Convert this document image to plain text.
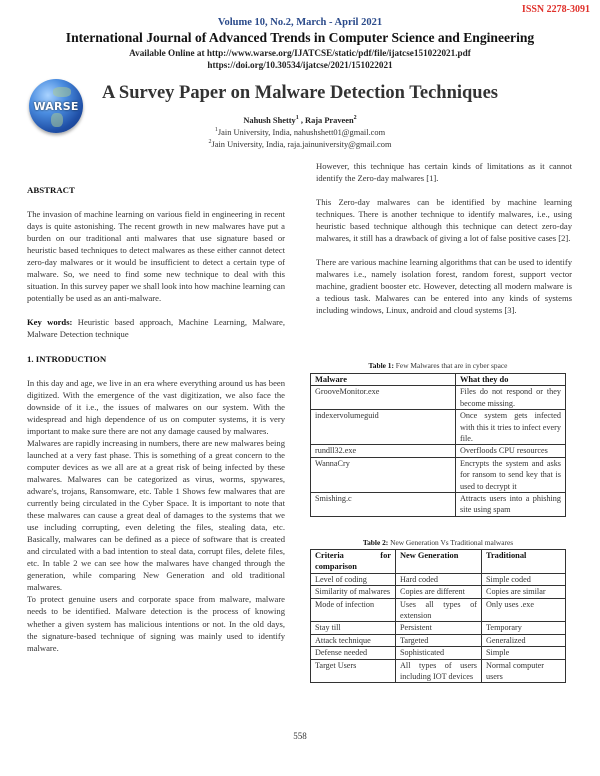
ISSN 2278-3091
Volume 10, No.2, March - April 2021
International Journal of Advanced Trends in Computer Science and Engineering
Available Online at http://www.warse.org/IJATCSE/static/pdf/file/ijatcse151022021.pdf
https://doi.org/10.30534/ijatcse/2021/151022021
WARSE
A Survey Paper on Malware Detection Techniques
Nahush Shetty$^1$ , Raja Praveen$^2$
$^1$Jain University, India, nahushshett01@gmail.com
$^2$Jain University, India, raja.jainuniversity@gmail.com

ABSTRACT

The invasion of machine learning on various field in engineering in recent days is quite astonishing. The recent growth in new malwares have put a burden on our traditional anti malwares that use signature based or heuristic based techniques to detect malwares as these either cannot detect zero-day malwares or it would be insufficient to detect a certain type of malware. So, we need to find some new technique to deal with this situation. In this survey paper we shall look into how machine learning can potentially be used as an anti-malware.

Key words: Heuristic based approach, Machine Learning, Malware, Malware Detection technique

1. INTRODUCTION

In this day and age, we live in an era where everything around us has been digitized. With the emergence of the vast digitization, we also face the downside of it i.e., the issues of malwares on our system. With the widespread and high dependence of us on computer systems, it is very important to make sure there are not any damage caused by malwares.

Malwares are rapidly increasing in numbers, there are new malwares being launched at a very fast phase. This is something of a great concern to the computer devices as we all are at a great risk of being infected by these malwares. Malwares can be categorized as virus, worms, spywares, adware's, trojans, Ransomware, etc. Table 1 Shows few malwares that are currently being circulated in the Cyber Space. It is important to note that these malwares can cause a great deal of damages to the systems that we use including corrupting, even deleting the files, stealing data, etc. Basically, malwares can be defined as a piece of software that is created and circulated with a bad intention to steal data, corrupt files, delete files, etc. In table 2 we can see how the malwares have changed through the generation, while comparing New Generation and old traditional malwares.

To protect genuine users and corporate space from malware, malware needs to be identified. Malware detection is the process of knowing whether a given system has malicious intentions or not. In the old days, the signature-based technique of signing was mainly used to identify malware.

However, this technique has certain kinds of limitations as it cannot identify the Zero-day malwares [1].

This Zero-day malwares can be identified by machine learning techniques. There is another technique to identify malwares, i.e., using heuristic based technique although this technique can detect zero-day malwares, it still has a drawback of giving a lot of false positive cases [2].

There are various machine learning algorithms that can be used to identify malwares i.e., namely isolation forest, random forest, support vector machine, gradient booster etc. However, detecting all modern malware is a tedious task. Malwares can be entered into any kinds of systems including windows, Linux, android and cloud systems [3].

Table 1: Few Malwares that are in cyber space
Malware	What they do
GrooveMonitor.exe	Files do not respond or they become missing.
indexervolumeguid	Once system gets infected with this it tries to infect every file.
rundll32.exe	Overfloods CPU resources
WannaCry	Encrypts the system and asks for ransom to send key that is used to decrypt it
Smishing.c	Attracts users into a phishing site using spam
Table 2: New Generation Vs Traditional malwares
Criteria for comparison	New Generation	Traditional
Level of coding	Hard coded	Simple coded
Similarity of malwares	Copies are different	Copies are similar
Mode of infection	Uses all types of extension	Only uses .exe
Stay till	Persistent	Temporary
Attack technique	Targeted	Generalized
Defense needed	Sophisticated	Simple
Target Users	All types of users including IOT devices	Normal computer users
558
